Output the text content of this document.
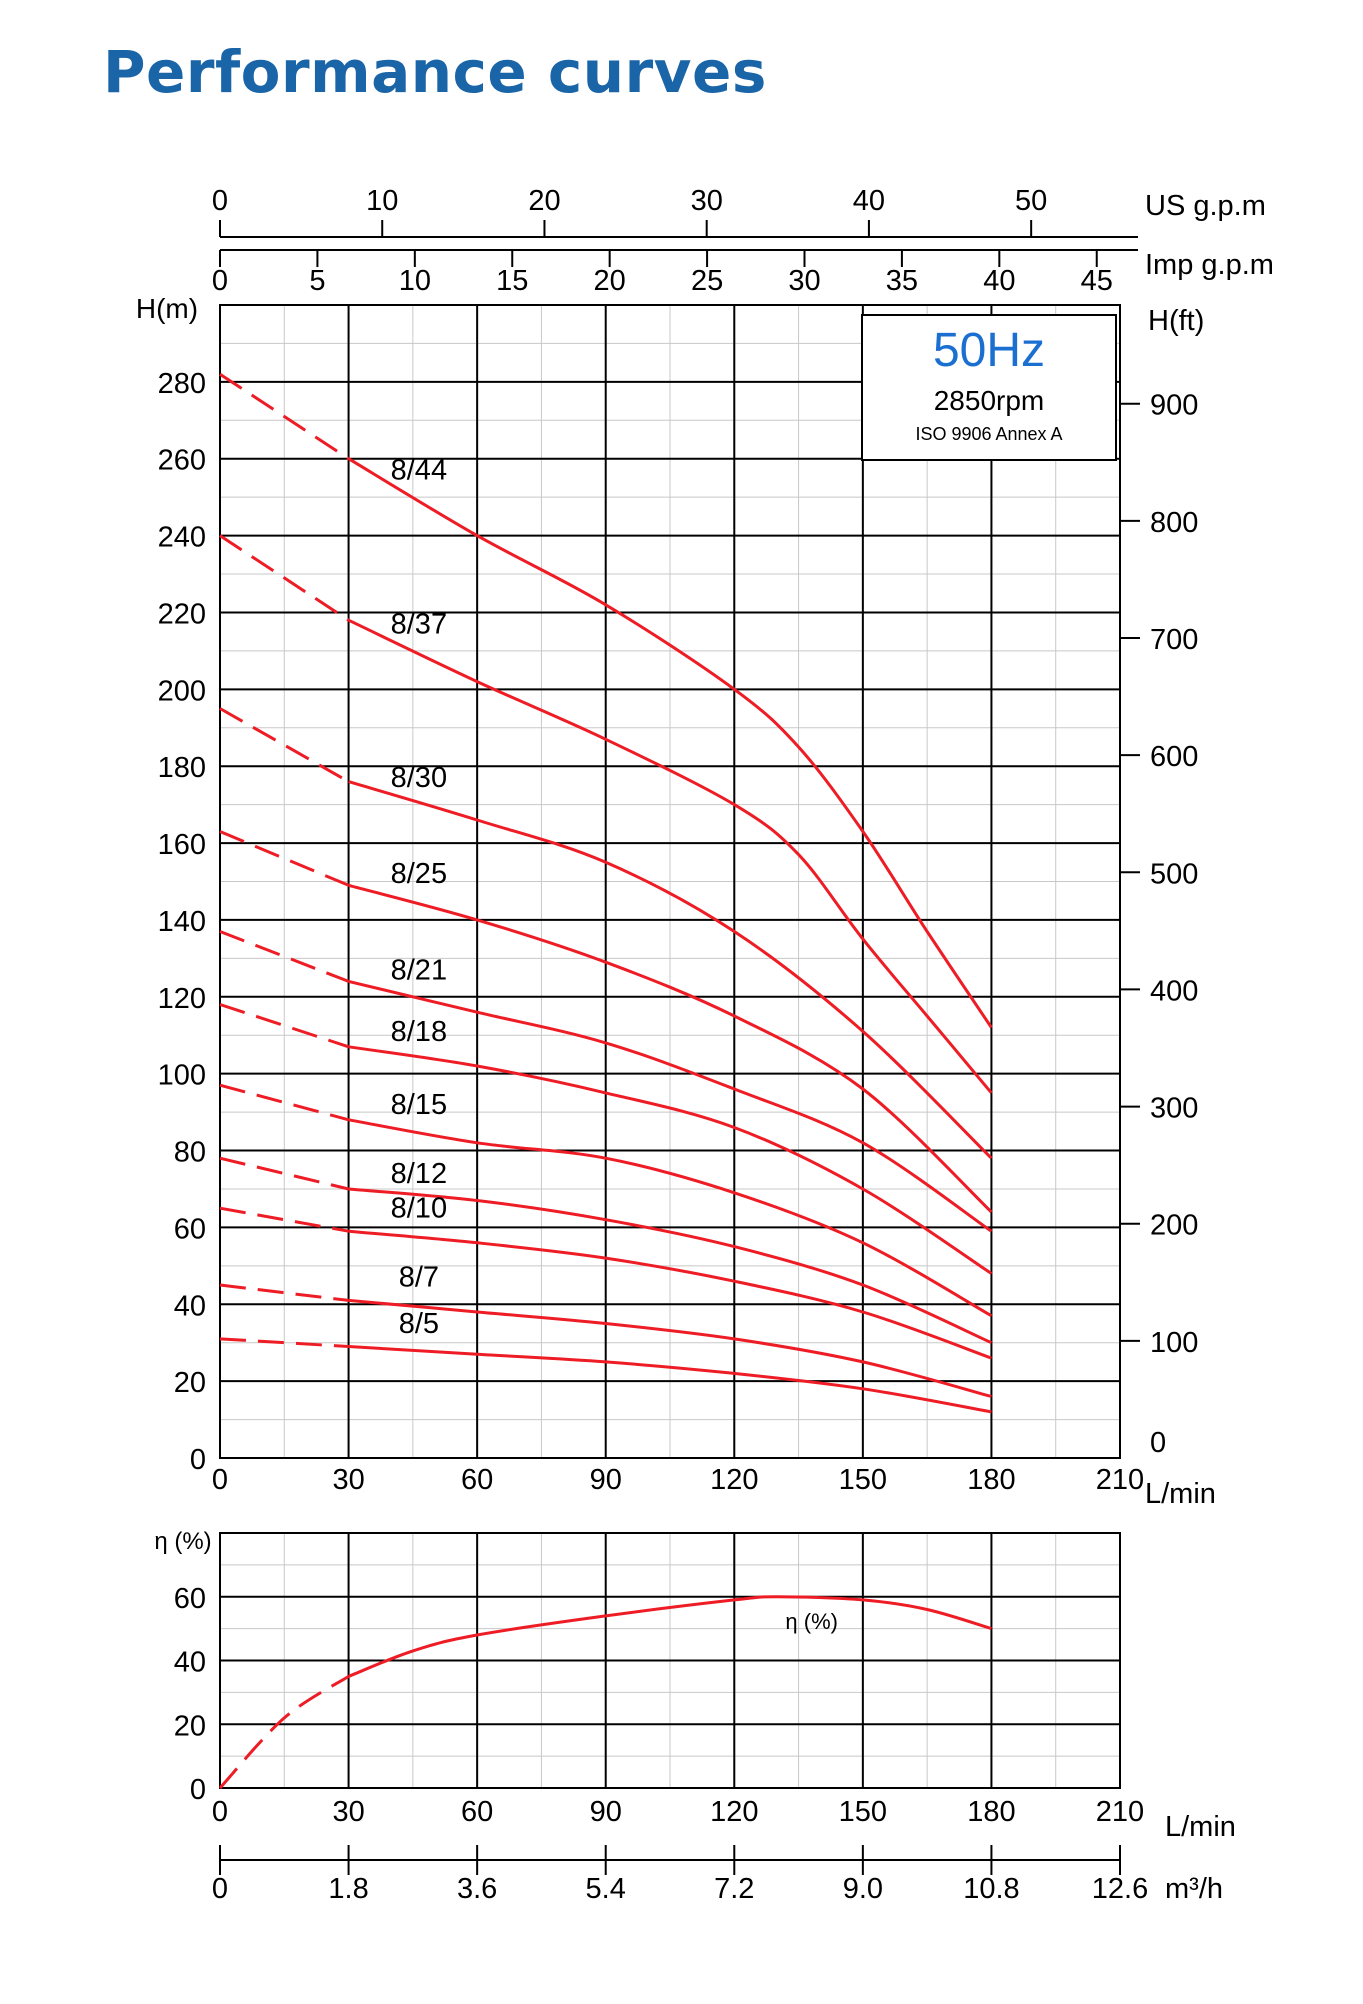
Performance curves
50Hz
2850rpm
ISO 9906 Annex A
H(m)
0
20
40
60
80
100
120
140
160
180
200
220
240
260
280
H(ft)
0
100
200
300
400
500
600
700
800
900
0	30	60	90	120	150	180	210 L/min
0	10	20	30	40	50	US g.p.m
0	5	10 15 20 25 30 35 40 45 Imp g.p.m
8/44
8/37
8/30
8/25
8/21
8/18
8/15
8/12
8/10
8/7
8/5
η (%)
0
20
40
60
η (%)
0	30	60	90	120	150	180	210 L/min
0	1.8	3.6	5.4	7.2	9.0	10.8 12.6 m³/h
